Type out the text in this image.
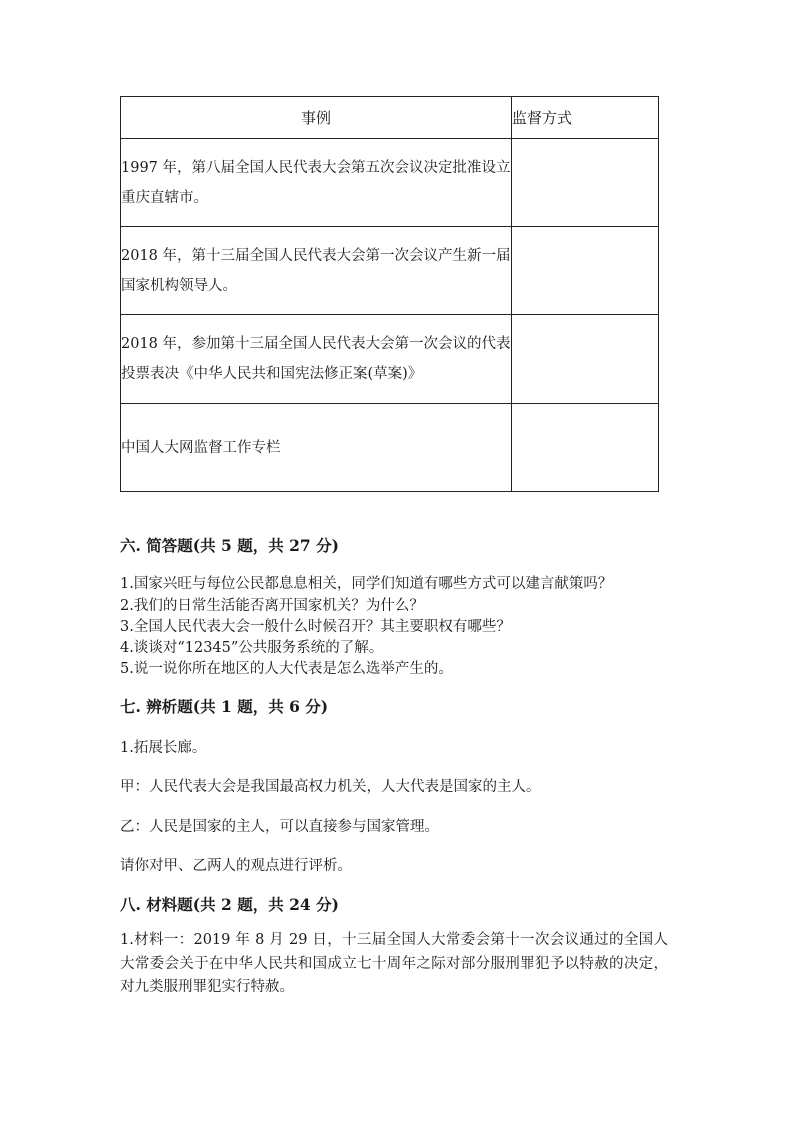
事例	监督方式
1997 年，第八届全国人民代表大会第五次会议决定批准设立重庆直辖市。	
2018 年，第十三届全国人民代表大会第一次会议产生新一届国家机构领导人。	
2018 年，参加第十三届全国人民代表大会第一次会议的代表投票表决《中华人民共和国宪法修正案(草案)》	
中国人大网监督工作专栏	
六. 简答题(共 5 题，共 27 分)
1.国家兴旺与每位公民都息息相关，同学们知道有哪些方式可以建言献策吗？
2.我们的日常生活能否离开国家机关？为什么？
3.全国人民代表大会一般什么时候召开？其主要职权有哪些？
4.谈谈对“12345”公共服务系统的了解。
5.说一说你所在地区的人大代表是怎么选举产生的。
七. 辨析题(共 1 题，共 6 分)
1.拓展长廊。
甲：人民代表大会是我国最高权力机关，人大代表是国家的主人。
乙：人民是国家的主人，可以直接参与国家管理。
请你对甲、乙两人的观点进行评析。
八. 材料题(共 2 题，共 24 分)
1.材料一：2019 年 8 月 29 日，十三届全国人大常委会第十一次会议通过的全国人大常委会关于在中华人民共和国成立七十周年之际对部分服刑罪犯予以特赦的决定，对九类服刑罪犯实行特赦。
